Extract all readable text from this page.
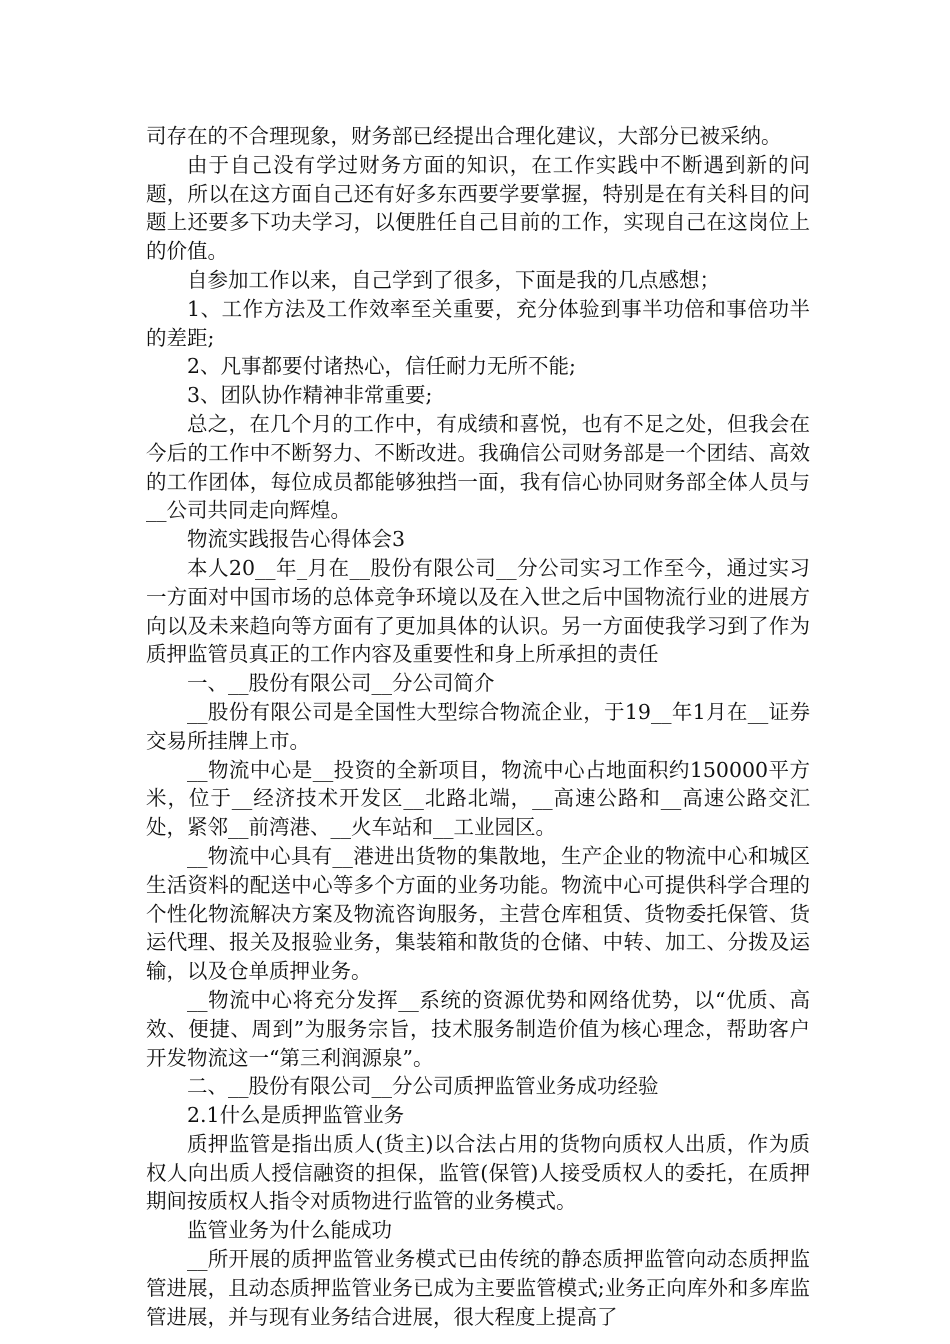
司存在的不合理现象，财务部已经提出合理化建议，大部分已被采纳。

由于自己没有学过财务方面的知识，在工作实践中不断遇到新的问题，所以在这方面自己还有好多东西要学要掌握，特别是在有关科目的问题上还要多下功夫学习，以便胜任自己目前的工作，实现自己在这岗位上的价值。

自参加工作以来，自己学到了很多，下面是我的几点感想；

1、工作方法及工作效率至关重要，充分体验到事半功倍和事倍功半的差距;

2、凡事都要付诸热心，信任耐力无所不能;

3、团队协作精神非常重要;

总之，在几个月的工作中，有成绩和喜悦，也有不足之处，但我会在今后的工作中不断努力、不断改进。我确信公司财务部是一个团结、高效的工作团体，每位成员都能够独挡一面，我有信心协同财务部全体人员与__公司共同走向辉煌。

物流实践报告心得体会3

本人20__年_月在__股份有限公司__分公司实习工作至今，通过实习一方面对中国市场的总体竞争环境以及在入世之后中国物流行业的进展方向以及未来趋向等方面有了更加具体的认识。另一方面使我学习到了作为质押监管员真正的工作内容及重要性和身上所承担的责任

一、__股份有限公司__分公司简介

__股份有限公司是全国性大型综合物流企业，于19__年1月在__证券交易所挂牌上市。

__物流中心是__投资的全新项目，物流中心占地面积约150000平方米，位于__经济技术开发区__北路北端，__高速公路和__高速公路交汇处，紧邻__前湾港、__火车站和__工业园区。

__物流中心具有__港进出货物的集散地，生产企业的物流中心和城区生活资料的配送中心等多个方面的业务功能。物流中心可提供科学合理的个性化物流解决方案及物流咨询服务，主营仓库租赁、货物委托保管、货运代理、报关及报验业务，集装箱和散货的仓储、中转、加工、分拨及运输，以及仓单质押业务。

__物流中心将充分发挥__系统的资源优势和网络优势，以“优质、高效、便捷、周到”为服务宗旨，技术服务制造价值为核心理念，帮助客户开发物流这一“第三利润源泉”。

二、__股份有限公司__分公司质押监管业务成功经验

2.1什么是质押监管业务

质押监管是指出质人(货主)以合法占用的货物向质权人出质，作为质权人向出质人授信融资的担保，监管(保管)人接受质权人的委托，在质押期间按质权人指令对质物进行监管的业务模式。

监管业务为什么能成功

__所开展的质押监管业务模式已由传统的静态质押监管向动态质押监管进展，且动态质押监管业务已成为主要监管模式;业务正向库外和多库监管进展，并与现有业务结合进展，很大程度上提高了
